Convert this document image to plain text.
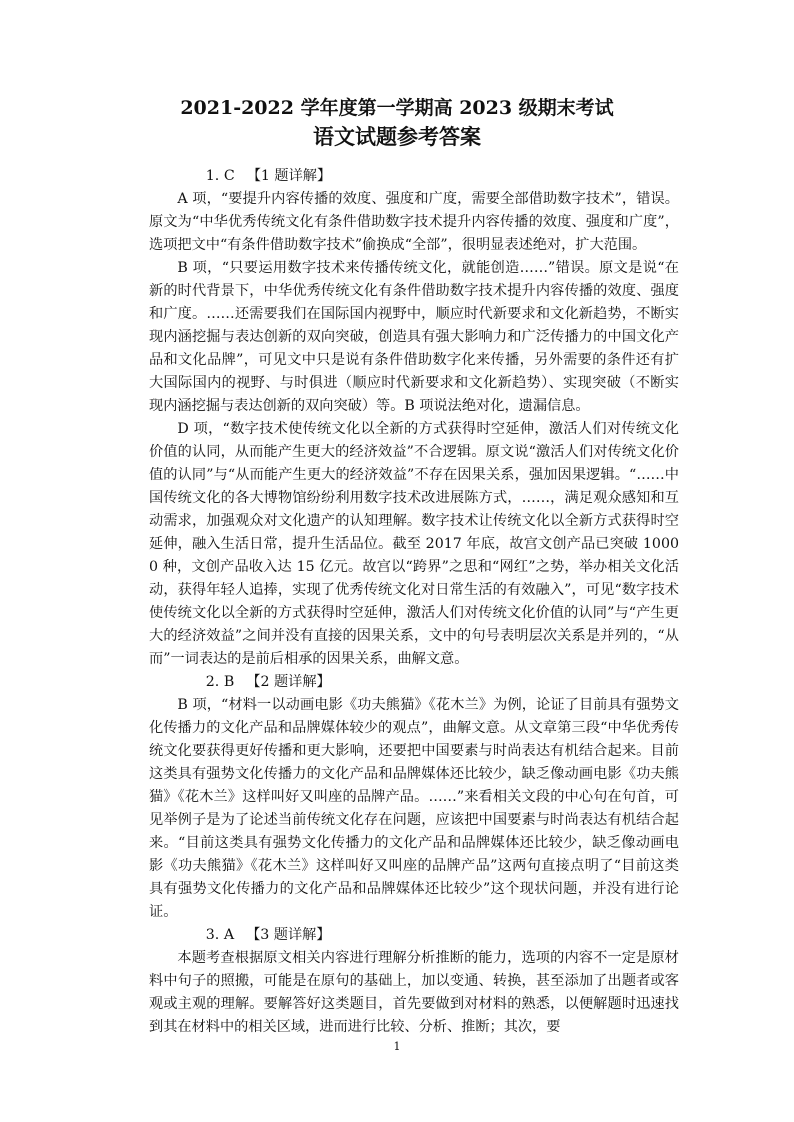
2021-2022 学年度第一学期高 2023 级期末考试
语文试题参考答案

1. C 【1 题详解】

A 项，“要提升内容传播的效度、强度和广度，需要全部借助数字技术”，错误。原文为“中华优秀传统文化有条件借助数字技术提升内容传播的效度、强度和广度”，选项把文中“有条件借助数字技术”偷换成“全部”，很明显表述绝对，扩大范围。

B 项，“只要运用数字技术来传播传统文化，就能创造……”错误。原文是说“在新的时代背景下，中华优秀传统文化有条件借助数字技术提升内容传播的效度、强度和广度。……还需要我们在国际国内视野中，顺应时代新要求和文化新趋势，不断实现内涵挖掘与表达创新的双向突破，创造具有强大影响力和广泛传播力的中国文化产品和文化品牌”，可见文中只是说有条件借助数字化来传播，另外需要的条件还有扩大国际国内的视野、与时俱进（顺应时代新要求和文化新趋势）、实现突破（不断实现内涵挖掘与表达创新的双向突破）等。B 项说法绝对化，遗漏信息。

D 项，“数字技术使传统文化以全新的方式获得时空延伸，激活人们对传统文化价值的认同，从而能产生更大的经济效益”不合逻辑。原文说“激活人们对传统文化价值的认同”与“从而能产生更大的经济效益”不存在因果关系，强加因果逻辑。“……中国传统文化的各大博物馆纷纷利用数字技术改进展陈方式，……，满足观众感知和互动需求，加强观众对文化遗产的认知理解。数字技术让传统文化以全新方式获得时空延伸，融入生活日常，提升生活品位。截至 2017 年底，故宫文创产品已突破 10000 种，文创产品收入达 15 亿元。故宫以“跨界”之思和“网红”之势，举办相关文化活动，获得年轻人追捧，实现了优秀传统文化对日常生活的有效融入”，可见“数字技术使传统文化以全新的方式获得时空延伸，激活人们对传统文化价值的认同”与“产生更大的经济效益”之间并没有直接的因果关系，文中的句号表明层次关系是并列的，“从而”一词表达的是前后相承的因果关系，曲解文意。

2. B 【2 题详解】

B 项，“材料一以动画电影《功夫熊猫》《花木兰》为例，论证了目前具有强势文化传播力的文化产品和品牌媒体较少的观点”，曲解文意。从文章第三段“中华优秀传统文化要获得更好传播和更大影响，还要把中国要素与时尚表达有机结合起来。目前这类具有强势文化传播力的文化产品和品牌媒体还比较少，缺乏像动画电影《功夫熊猫》《花木兰》这样叫好又叫座的品牌产品。……”来看相关文段的中心句在句首，可见举例子是为了论述当前传统文化存在问题，应该把中国要素与时尚表达有机结合起来。“目前这类具有强势文化传播力的文化产品和品牌媒体还比较少，缺乏像动画电影《功夫熊猫》《花木兰》这样叫好又叫座的品牌产品”这两句直接点明了“目前这类具有强势文化传播力的文化产品和品牌媒体还比较少”这个现状问题，并没有进行论证。

3. A 【3 题详解】

本题考查根据原文相关内容进行理解分析推断的能力，选项的内容不一定是原材料中句子的照搬，可能是在原句的基础上，加以变通、转换，甚至添加了出题者或客观或主观的理解。要解答好这类题目，首先要做到对材料的熟悉，以便解题时迅速找到其在材料中的相关区域，进而进行比较、分析、推断；其次，要

1
